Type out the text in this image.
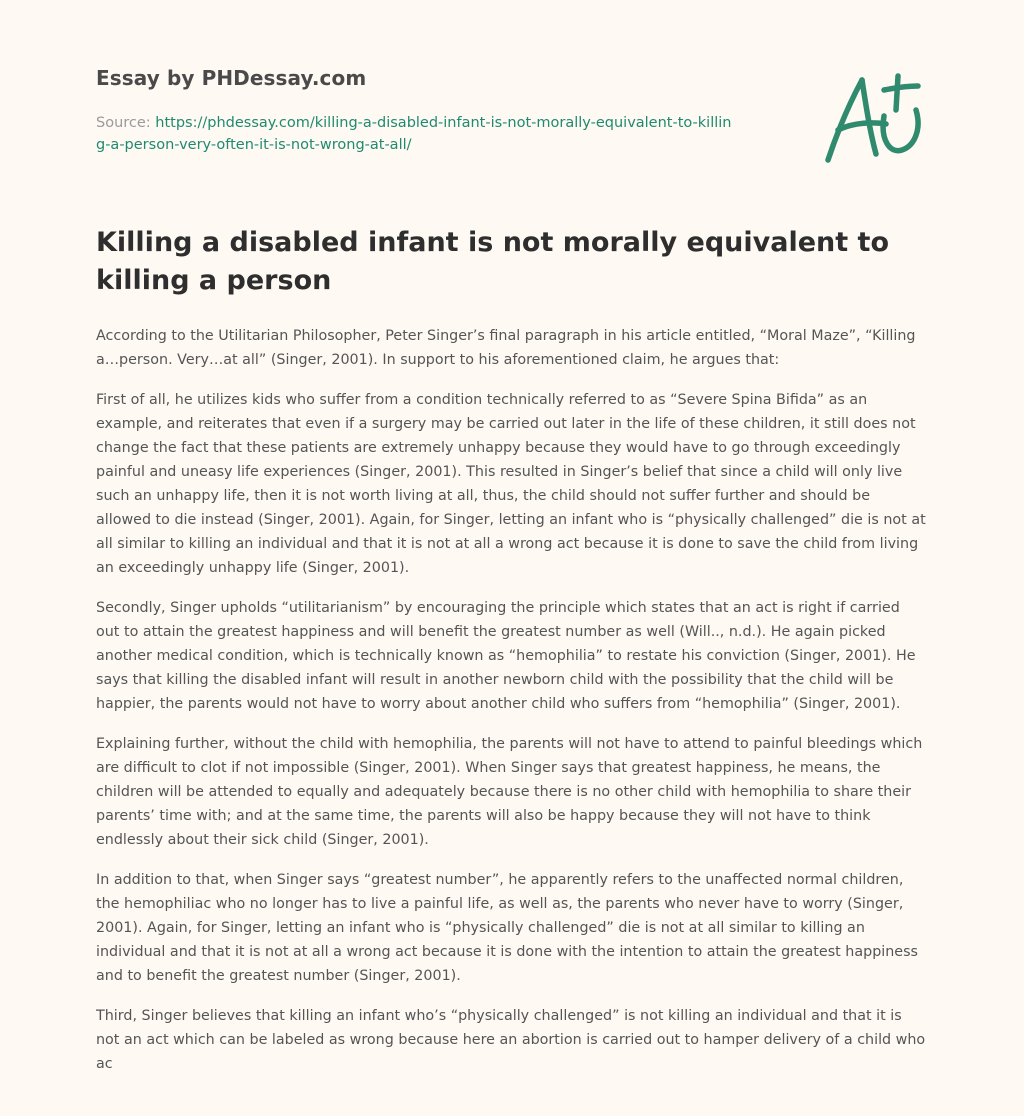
Essay by PHDessay.com
Source: https://phdessay.com/killing-a-disabled-infant-is-not-morally-equivalent-to-killing-a-person-very-often-it-is-not-wrong-at-all/
Killing a disabled infant is not morally equivalent to killing a person

According to the Utilitarian Philosopher, Peter Singer’s final paragraph in his article entitled, “Moral Maze”, “Killing a…person. Very…at all” (Singer, 2001). In support to his aforementioned claim, he argues that:

First of all, he utilizes kids who suffer from a condition technically referred to as “Severe Spina Bifida” as an example, and reiterates that even if a surgery may be carried out later in the life of these children, it still does not change the fact that these patients are extremely unhappy because they would have to go through exceedingly painful and uneasy life experiences (Singer, 2001). This resulted in Singer’s belief that since a child will only live such an unhappy life, then it is not worth living at all, thus, the child should not suffer further and should be allowed to die instead (Singer, 2001). Again, for Singer, letting an infant who is “physically challenged” die is not at all similar to killing an individual and that it is not at all a wrong act because it is done to save the child from living an exceedingly unhappy life (Singer, 2001).

Secondly, Singer upholds “utilitarianism” by encouraging the principle which states that an act is right if carried out to attain the greatest happiness and will benefit the greatest number as well (Will.., n.d.). He again picked another medical condition, which is technically known as “hemophilia” to restate his conviction (Singer, 2001). He says that killing the disabled infant will result in another newborn child with the possibility that the child will be happier, the parents would not have to worry about another child who suffers from “hemophilia” (Singer, 2001).

Explaining further, without the child with hemophilia, the parents will not have to attend to painful bleedings which are difficult to clot if not impossible (Singer, 2001). When Singer says that greatest happiness, he means, the children will be attended to equally and adequately because there is no other child with hemophilia to share their parents’ time with; and at the same time, the parents will also be happy because they will not have to think endlessly about their sick child (Singer, 2001).

In addition to that, when Singer says “greatest number”, he apparently refers to the unaffected normal children, the hemophiliac who no longer has to live a painful life, as well as, the parents who never have to worry (Singer, 2001). Again, for Singer, letting an infant who is “physically challenged” die is not at all similar to killing an individual and that it is not at all a wrong act because it is done with the intention to attain the greatest happiness and to benefit the greatest number (Singer, 2001).

Third, Singer believes that killing an infant who’s “physically challenged” is not killing an individual and that it is not an act which can be labeled as wrong because here an abortion is carried out to hamper delivery of a child who ac
